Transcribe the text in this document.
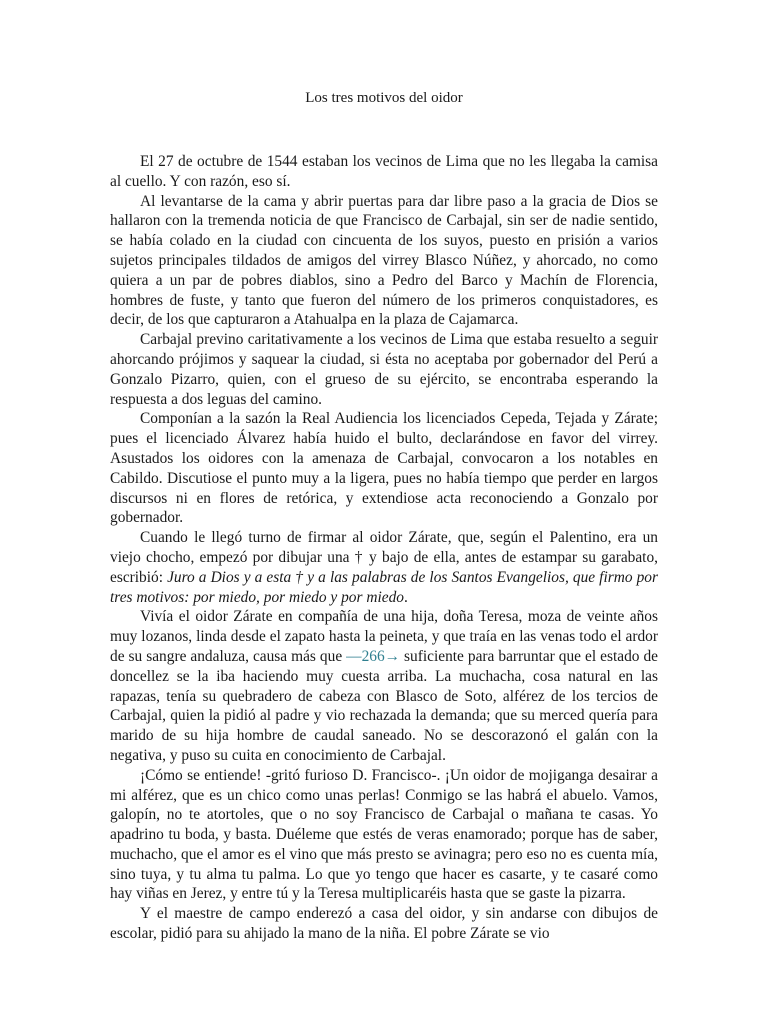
Los tres motivos del oidor

El 27 de octubre de 1544 estaban los vecinos de Lima que no les llegaba la camisa al cuello. Y con razón, eso sí.

Al levantarse de la cama y abrir puertas para dar libre paso a la gracia de Dios se hallaron con la tremenda noticia de que Francisco de Carbajal, sin ser de nadie sentido, se había colado en la ciudad con cincuenta de los suyos, puesto en prisión a varios sujetos principales tildados de amigos del virrey Blasco Núñez, y ahorcado, no como quiera a un par de pobres diablos, sino a Pedro del Barco y Machín de Florencia, hombres de fuste, y tanto que fueron del número de los primeros conquistadores, es decir, de los que capturaron a Atahualpa en la plaza de Cajamarca.

Carbajal previno caritativamente a los vecinos de Lima que estaba resuelto a seguir ahorcando prójimos y saquear la ciudad, si ésta no aceptaba por gobernador del Perú a Gonzalo Pizarro, quien, con el grueso de su ejército, se encontraba esperando la respuesta a dos leguas del camino.

Componían a la sazón la Real Audiencia los licenciados Cepeda, Tejada y Zárate; pues el licenciado Álvarez había huido el bulto, declarándose en favor del virrey. Asustados los oidores con la amenaza de Carbajal, convocaron a los notables en Cabildo. Discutiose el punto muy a la ligera, pues no había tiempo que perder en largos discursos ni en flores de retórica, y extendiose acta reconociendo a Gonzalo por gobernador.

Cuando le llegó turno de firmar al oidor Zárate, que, según el Palentino, era un viejo chocho, empezó por dibujar una † y bajo de ella, antes de estampar su garabato, escribió: Juro a Dios y a esta † y a las palabras de los Santos Evangelios, que firmo por tres motivos: por miedo, por miedo y por miedo.

Vivía el oidor Zárate en compañía de una hija, doña Teresa, moza de veinte años muy lozanos, linda desde el zapato hasta la peineta, y que traía en las venas todo el ardor de su sangre andaluza, causa más que —266→ suficiente para barruntar que el estado de doncellez se la iba haciendo muy cuesta arriba. La muchacha, cosa natural en las rapazas, tenía su quebradero de cabeza con Blasco de Soto, alférez de los tercios de Carbajal, quien la pidió al padre y vio rechazada la demanda; que su merced quería para marido de su hija hombre de caudal saneado. No se descorazonó el galán con la negativa, y puso su cuita en conocimiento de Carbajal.

¡Cómo se entiende! -gritó furioso D. Francisco-. ¡Un oidor de mojiganga desairar a mi alférez, que es un chico como unas perlas! Conmigo se las habrá el abuelo. Vamos, galopín, no te atortoles, que o no soy Francisco de Carbajal o mañana te casas. Yo apadrino tu boda, y basta. Duéleme que estés de veras enamorado; porque has de saber, muchacho, que el amor es el vino que más presto se avinagra; pero eso no es cuenta mía, sino tuya, y tu alma tu palma. Lo que yo tengo que hacer es casarte, y te casaré como hay viñas en Jerez, y entre tú y la Teresa multiplicaréis hasta que se gaste la pizarra.

Y el maestre de campo enderezó a casa del oidor, y sin andarse con dibujos de escolar, pidió para su ahijado la mano de la niña. El pobre Zárate se vio
